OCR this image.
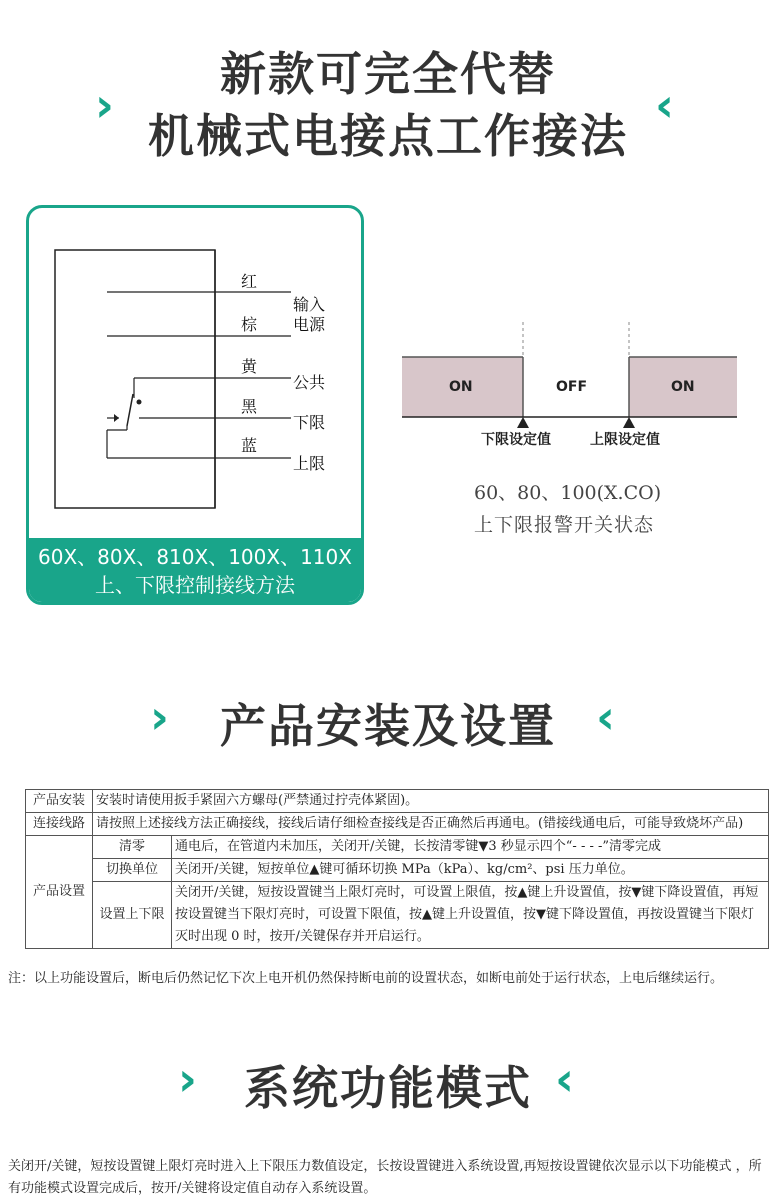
›	‹
新款可完全代替
机械式电接点工作接法
红
棕
黄
黑
蓝
输入
电源
公共
下限
上限
60X、80X、810X、100X、110X
上、下限控制接线方法
ON	OFF	ON
下限设定值	上限设定值
60、80、100(X.CO)
上下限报警开关状态
›	‹
产品安装及设置
产品安装	安装时请使用扳手紧固六方螺母(严禁通过拧壳体紧固)。	
连接线路	请按照上述接线方法正确接线，接线后请仔细检查接线是否正确然后再通电。(错接线通电后，可能导致烧坏产品)	
产品设置	清零	通电后，在管道内未加压，关闭开/关键，长按清零键▼3 秒显示四个“- - - -”清零完成
	切换单位	关闭开/关键，短按单位▲键可循环切换 MPa（kPa）、kg/cm²、psi 压力单位。
	设置上下限	关闭开/关键，短按设置键当上限灯亮时，可设置上限值，按▲键上升设置值，按▼键下降设置值，再短按设置键当下限灯亮时，可设置下限值，按▲键上升设置值，按▼键下降设置值，再按设置键当下限灯灭时出现 0 时，按开/关键保存并开启运行。
注：以上功能设置后，断电后仍然记忆下次上电开机仍然保持断电前的设置状态，如断电前处于运行状态，上电后继续运行。
›	‹
系统功能模式
关闭开/关键，短按设置键上限灯亮时进入上下限压力数值设定，长按设置键进入系统设置,再短按设置键依次显示以下功能模式 ，所有功能模式设置完成后，按开/关键将设定值自动存入系统设置。
